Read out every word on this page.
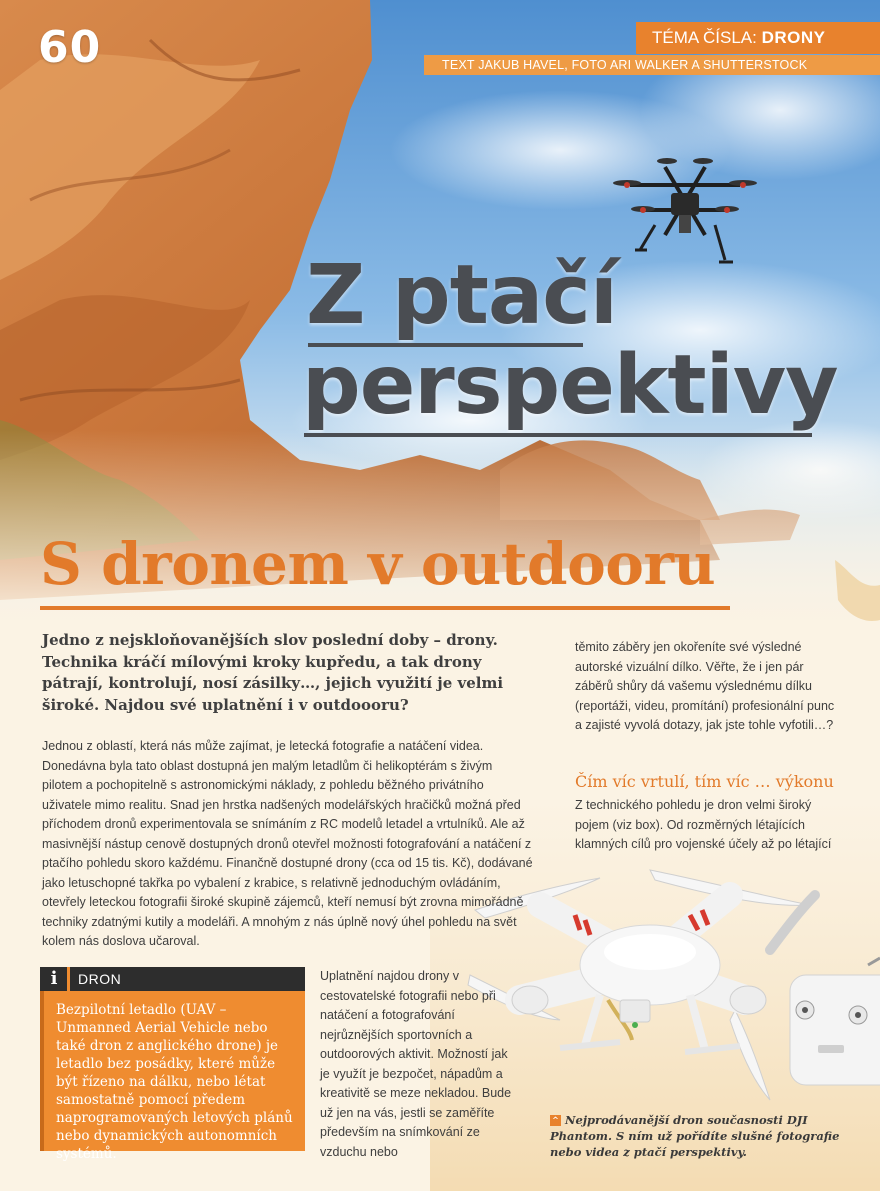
60	TÉMA ČÍSLA: DRONY
TEXT JAKUB HAVEL, FOTO ARI WALKER A SHUTTERSTOCK
Z ptačí
perspektivy
S dronem v outdooru
Jedno z nejskloňovanějších slov poslední doby – drony. Technika kráčí mílovými kroky kupředu, a tak drony pátrají, kontrolují, nosí zásilky…, jejich využití je velmi široké. Najdou své uplatnění i v outdoooru?
Jednou z oblastí, která nás může zajímat, je letecká fotografie a natáčení videa. Donedávna byla tato oblast dostupná jen malým letadlům či helikoptérám s živým pilotem a pochopitelně s astronomickými náklady, z pohledu běžného privátního uživatele mimo realitu. Snad jen hrstka nadšených modelářských hračičků možná před příchodem dronů experimentovala se snímáním z RC modelů letadel a vrtulníků. Ale až masivnější nástup cenově dostupných dronů otevřel možnosti fotografování a natáčení z ptačího pohledu skoro každému. Finančně dostupné drony (cca od 15 tis. Kč), dodávané jako letuschopné takřka po vybalení z krabice, s relativně jednoduchým ovládáním, otevřely leteckou fotografii široké skupině zájemců, kteří nemusí být zrovna mimořádně techniky zdatnými kutily a modeláři. A mnohým z nás úplně nový úhel pohledu na svět kolem nás doslova učaroval.
těmito záběry jen okořeníte své výsledné autorské vizuální dílko. Věřte, že i jen pár záběrů shůry dá vašemu výslednému dílku (reportáži, videu, promítání) profesionální punc a zajisté vyvolá dotazy, jak jste tohle vyfotili…?
Čím víc vrtulí, tím víc … výkonu
Z technického pohledu je dron velmi široký pojem (viz box). Od rozměrných létajících klamných cílů pro vojenské účely až po létající
Uplatnění najdou drony v cestovatelské fotografii nebo při natáčení a fotografování nejrůznějších sportovních a outdoorových aktivit. Možností jak je využít je bezpočet, nápadům a kreativitě se meze nekladou. Bude už jen na vás, jestli se zaměříte především na snímkování ze vzduchu nebo
i	DRON
Bezpilotní letadlo (UAV – Unmanned Aerial Vehicle nebo také dron z anglického drone) je letadlo bez posádky, které může být řízeno na dálku, nebo létat samostatně pomocí předem naprogramovaných letových plánů nebo dynamických autonomních systémů.
^ Nejprodávanější dron současnosti DJI Phantom. S ním už pořídíte slušné fotografie nebo videa z ptačí perspektivy.
